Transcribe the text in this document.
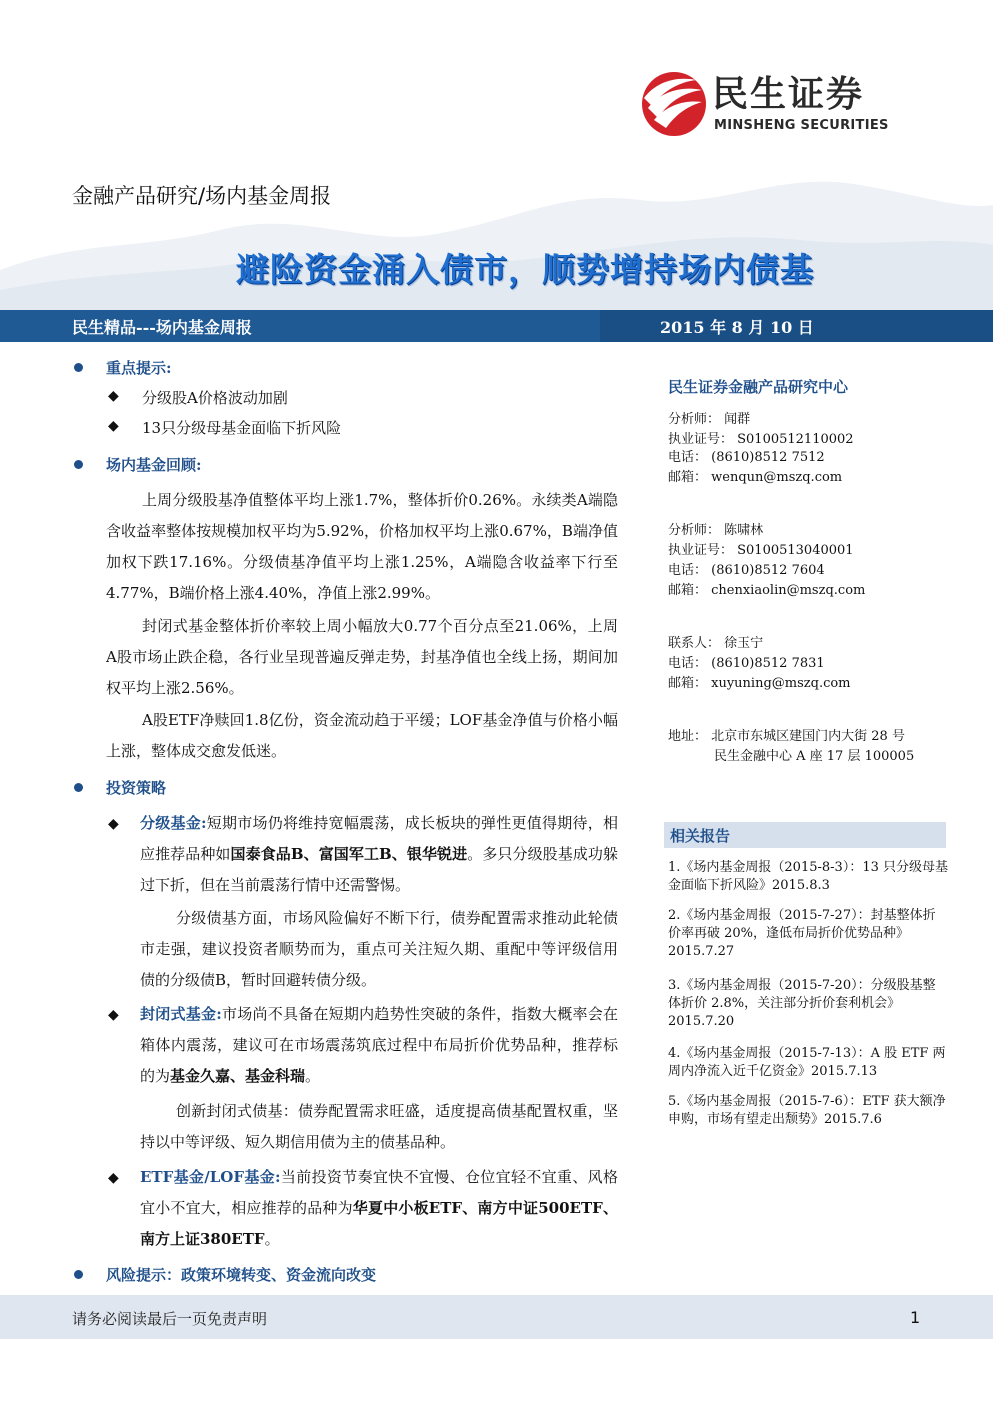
民生证券
MINSHENG SECURITIES
金融产品研究/场内基金周报
避险资金涌入债市，顺势增持场内债基
民生精品---场内基金周报	2015 年 8 月 10 日
重点提示:
◆ 分级股A价格波动加剧
◆ 13只分级母基金面临下折风险
场内基金回顾:
上周分级股基净值整体平均上涨1.7%，整体折价0.26%。永续类A端隐含收益率整体按规模加权平均为5.92%，价格加权平均上涨0.67%，B端净值加权下跌17.16%。分级债基净值平均上涨1.25%，A端隐含收益率下行至4.77%，B端价格上涨4.40%，净值上涨2.99%。
封闭式基金整体折价率较上周小幅放大0.77个百分点至21.06%，上周A股市场止跌企稳，各行业呈现普遍反弹走势，封基净值也全线上扬，期间加权平均上涨2.56%。
A股ETF净赎回1.8亿份，资金流动趋于平缓；LOF基金净值与价格小幅上涨，整体成交愈发低迷。
投资策略
◆ 分级基金:短期市场仍将维持宽幅震荡，成长板块的弹性更值得期待，相应推荐品种如国泰食品B、富国军工B、银华锐进。多只分级股基成功躲过下折，但在当前震荡行情中还需警惕。
分级债基方面，市场风险偏好不断下行，债券配置需求推动此轮债市走强，建议投资者顺势而为，重点可关注短久期、重配中等评级信用债的分级债B，暂时回避转债分级。
◆ 封闭式基金:市场尚不具备在短期内趋势性突破的条件，指数大概率会在箱体内震荡，建议可在市场震荡筑底过程中布局折价优势品种，推荐标的为基金久嘉、基金科瑞。
创新封闭式债基：债券配置需求旺盛，适度提高债基配置权重，坚持以中等评级、短久期信用债为主的债基品种。
◆ ETF基金/LOF基金:当前投资节奏宜快不宜慢、仓位宜轻不宜重、风格宜小不宜大，相应推荐的品种为华夏中小板ETF、南方中证500ETF、南方上证380ETF。
风险提示：政策环境转变、资金流向改变
民生证券金融产品研究中心
分析师： 闻群
执业证号： S0100512110002
电话： (8610)8512 7512
邮箱： wenqun@mszq.com
分析师： 陈啸林
执业证号： S0100513040001
电话： (8610)8512 7604
邮箱： chenxiaolin@mszq.com
联系人： 徐玉宁
电话： (8610)8512 7831
邮箱： xuyuning@mszq.com
地址： 北京市东城区建国门内大街 28 号
民生金融中心 A 座 17 层 100005
相关报告
1.《场内基金周报（2015-8-3）：13 只分级母基金面临下折风险》2015.8.3
2.《场内基金周报（2015-7-27）：封基整体折价率再破 20%，逢低布局折价优势品种》2015.7.27
3.《场内基金周报（2015-7-20）：分级股基整体折价 2.8%，关注部分折价套利机会》2015.7.20
4.《场内基金周报（2015-7-13）：A 股 ETF 两周内净流入近千亿资金》2015.7.13
5.《场内基金周报（2015-7-6）：ETF 获大额净申购，市场有望走出颓势》2015.7.6
请务必阅读最后一页免责声明	1
